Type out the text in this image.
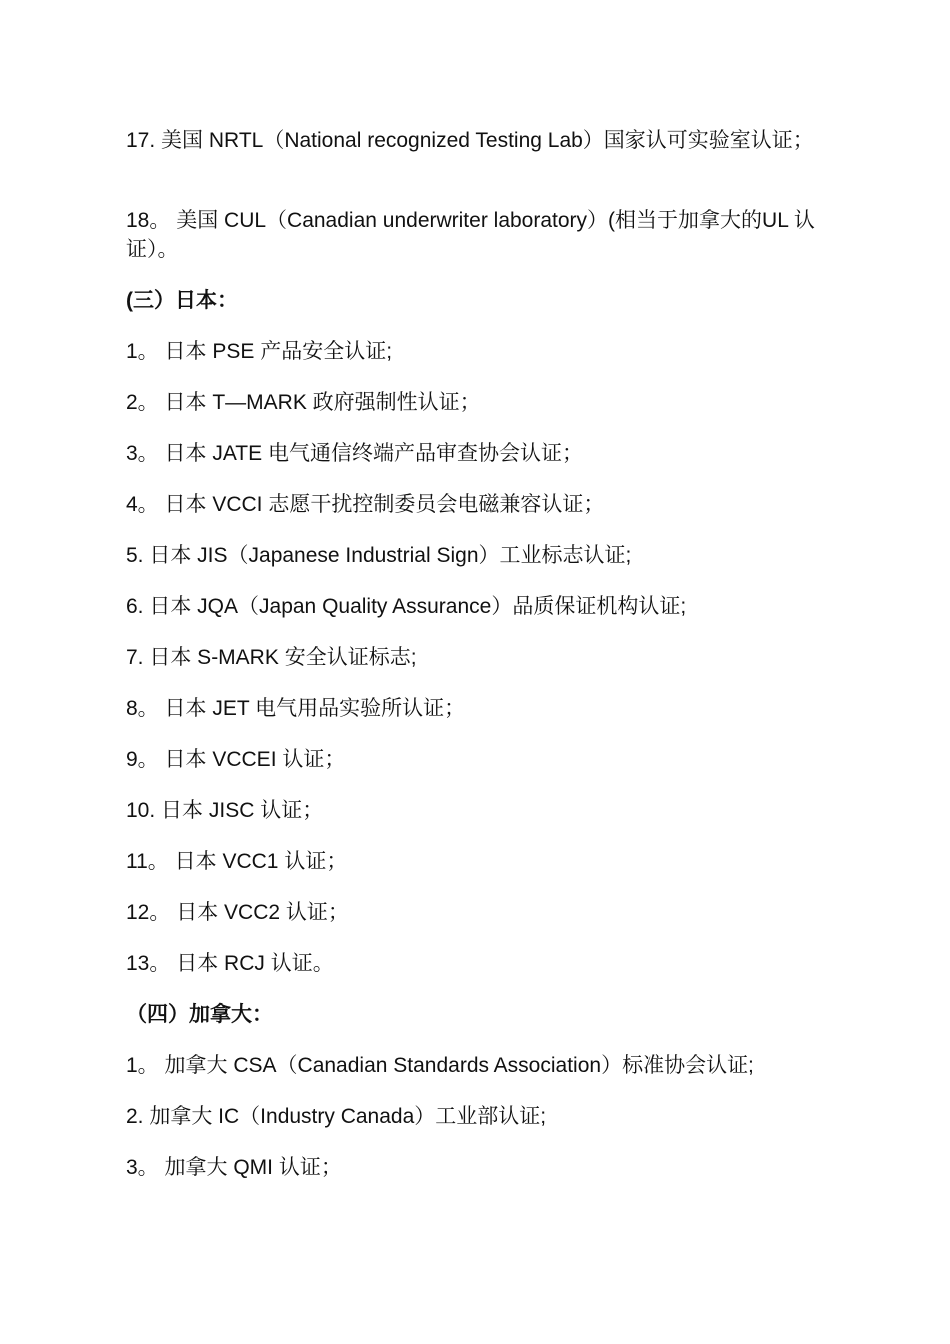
17. 美国 NRTL（National recognized Testing Lab）国家认可实验室认证；
18。 美国 CUL（Canadian underwriter laboratory）(相当于加拿大的UL 认证）。
(三）日本：
1。 日本 PSE 产品安全认证;
2。 日本 T—MARK 政府强制性认证；
3。 日本 JATE 电气通信终端产品审查协会认证；
4。 日本 VCCI 志愿干扰控制委员会电磁兼容认证；
5. 日本 JIS（Japanese Industrial Sign）工业标志认证;
6. 日本 JQA（Japan Quality Assurance）品质保证机构认证;
7. 日本 S-MARK 安全认证标志;
8。 日本 JET 电气用品实验所认证；
9。 日本 VCCEI 认证；
10. 日本 JISC 认证；
11。 日本 VCC1 认证；
12。 日本 VCC2 认证；
13。 日本 RCJ 认证。
（四）加拿大：
1。 加拿大 CSA（Canadian Standards Association）标准协会认证;
2. 加拿大 IC（Industry Canada）工业部认证;
3。 加拿大 QMI 认证；
